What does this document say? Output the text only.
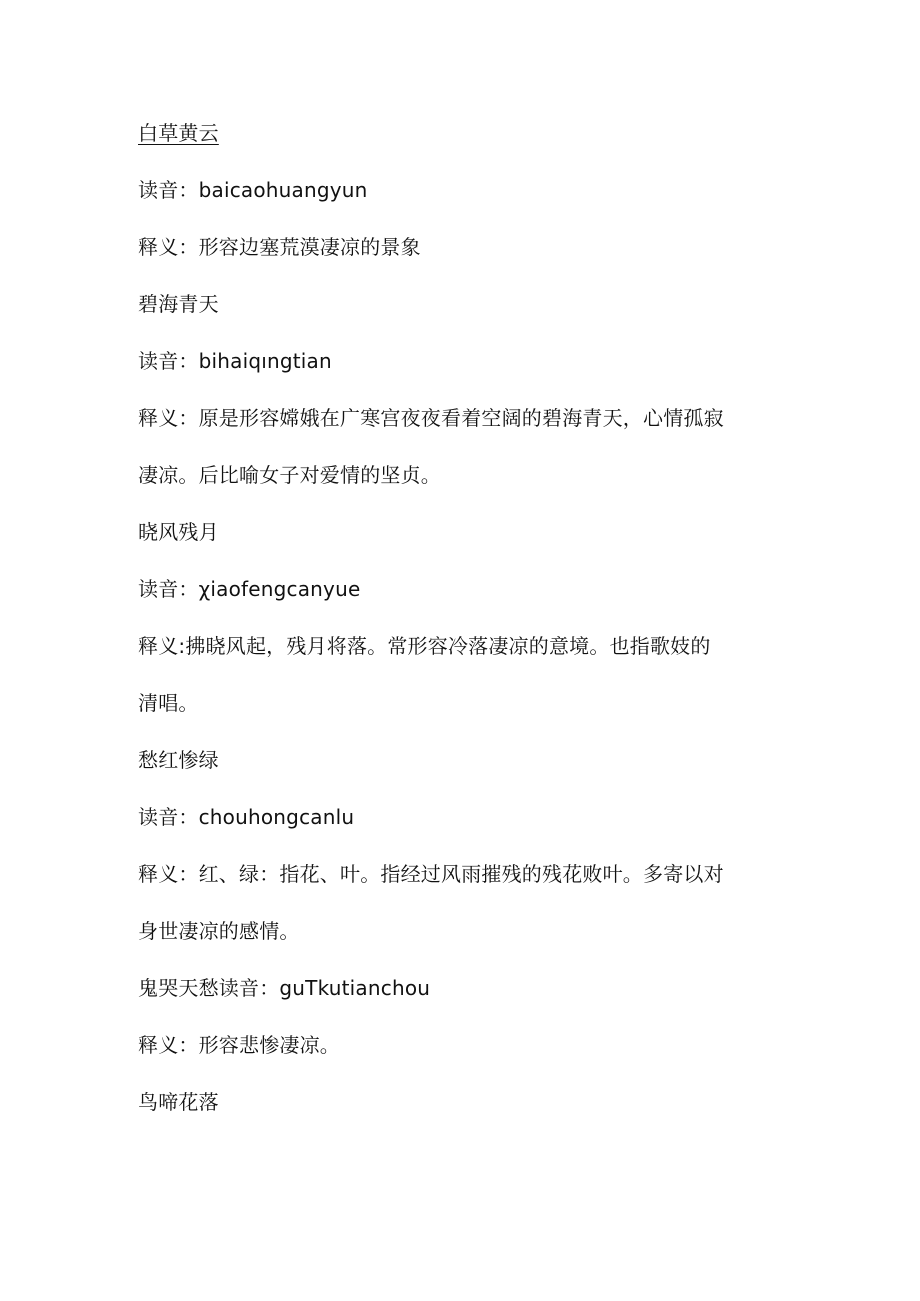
白草黄云
读音：baicaohuangyun
释义：形容边塞荒漠凄凉的景象
碧海青天
读音：bihaiqıngtian
释义：原是形容嫦娥在广寒宫夜夜看着空阔的碧海青天，心情孤寂
凄凉。后比喻女子对爱情的坚贞。
晓风残月
读音：χiaofengcanyue
释义:拂晓风起，残月将落。常形容冷落凄凉的意境。也指歌妓的
清唱。
愁红惨绿
读音：chouhongcanlu
释义：红、绿：指花、叶。指经过风雨摧残的残花败叶。多寄以对
身世凄凉的感情。
鬼哭天愁读音：guTkutianchou
释义：形容悲惨凄凉。
鸟啼花落
